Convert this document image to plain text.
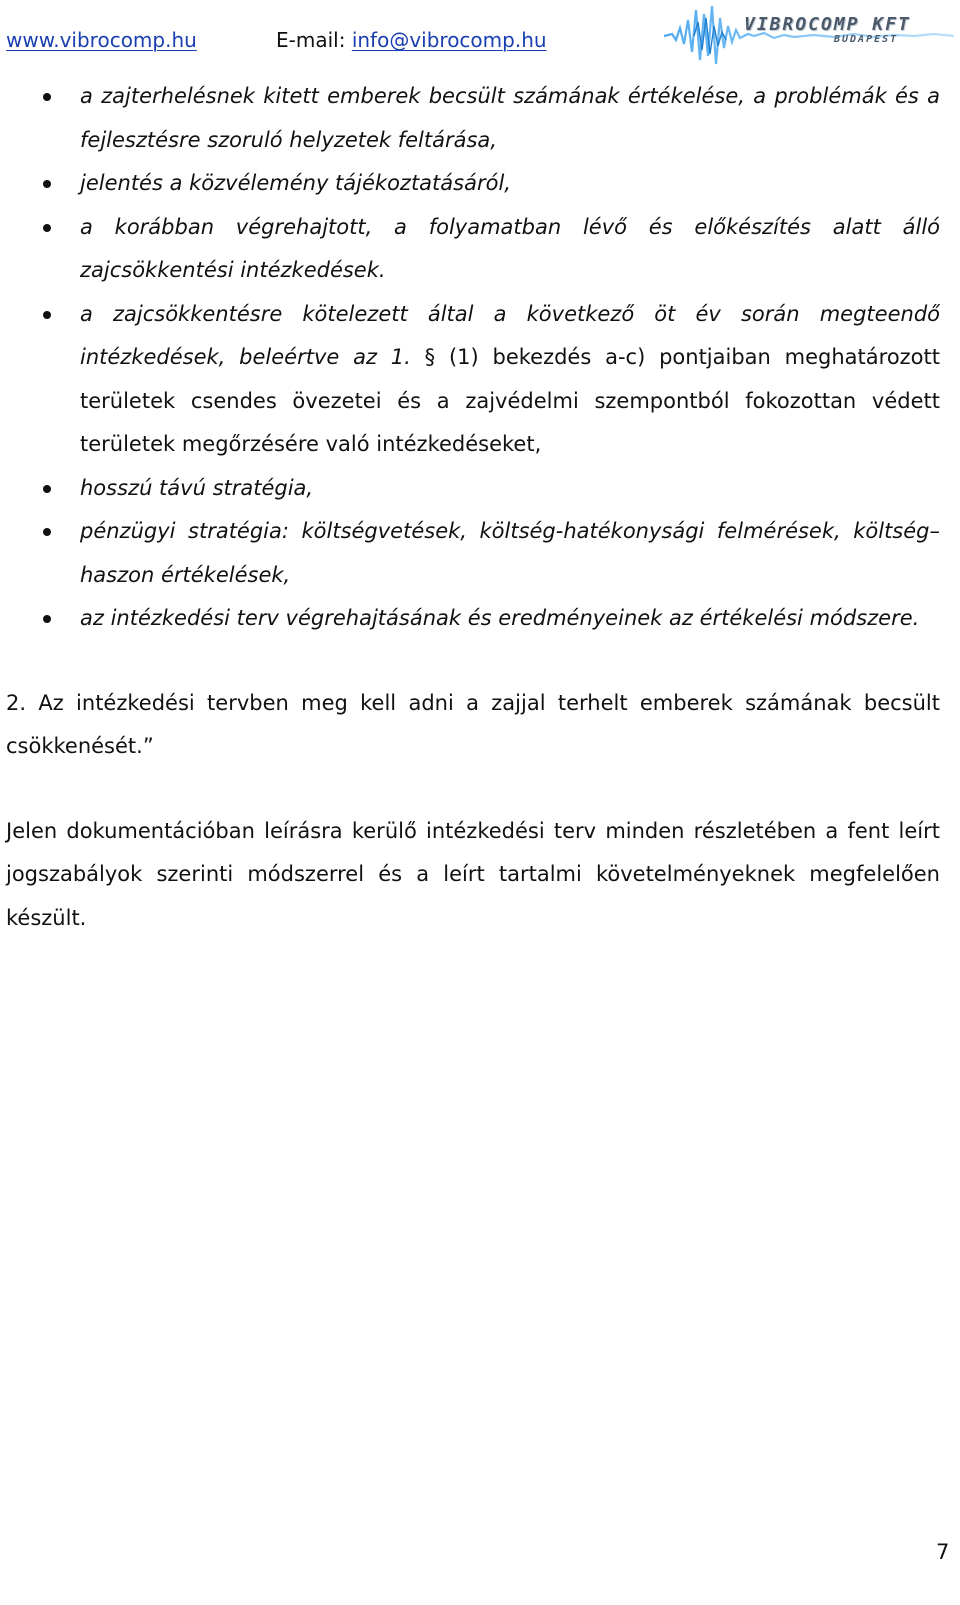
www.vibrocomp.hu	E-mail: info@vibrocomp.hu
VIBROCOMP KFT
BUDAPEST
a zajterhelésnek kitett emberek becsült számának értékelése, a problémák és a fejlesztésre szoruló helyzetek feltárása,
jelentés a közvélemény tájékoztatásáról,
a korábban végrehajtott, a folyamatban lévő és előkészítés alatt álló zajcsökkentési intézkedések.
a zajcsökkentésre kötelezett által a következő öt év során megteendő intézkedések, beleértve az 1. § (1) bekezdés a-c) pontjaiban meghatározott területek csendes övezetei és a zajvédelmi szempontból fokozottan védett területek megőrzésére való intézkedéseket,
hosszú távú stratégia,
pénzügyi stratégia: költségvetések, költség-hatékonysági felmérések, költség–haszon értékelések,
az intézkedési terv végrehajtásának és eredményeinek az értékelési módszere.

2. Az intézkedési tervben meg kell adni a zajjal terhelt emberek számának becsült csökkenését.”

Jelen dokumentációban leírásra kerülő intézkedési terv minden részletében a fent leírt jogszabályok szerinti módszerrel és a leírt tartalmi követelményeknek megfelelően készült.

7
